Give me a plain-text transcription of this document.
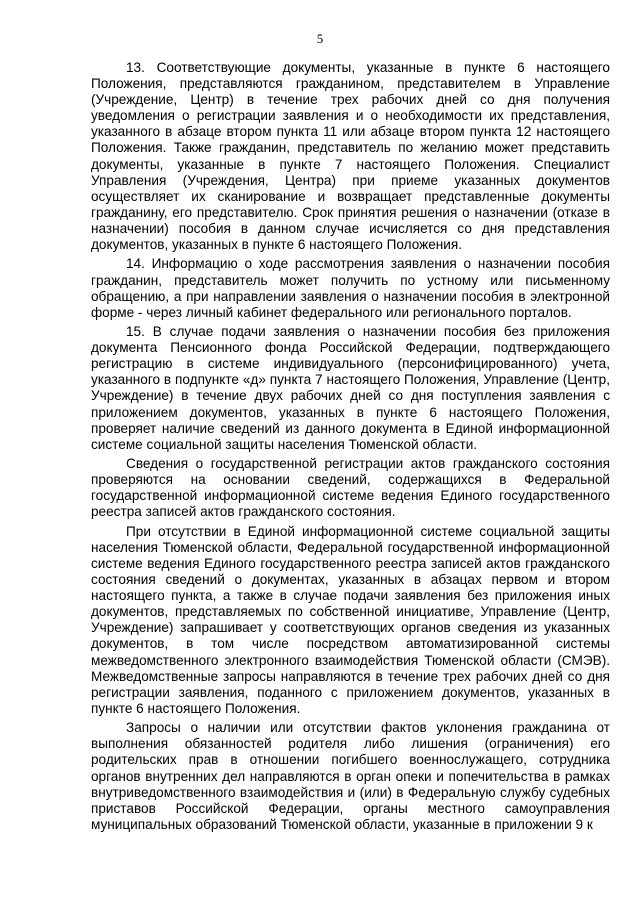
5

13. Соответствующие документы, указанные в пункте 6 настоящего Положения, представляются гражданином, представителем в Управление (Учреждение, Центр) в течение трех рабочих дней со дня получения уведомления о регистрации заявления и о необходимости их представления, указанного в абзаце втором пункта 11 или абзаце втором пункта 12 настоящего Положения. Также гражданин, представитель по желанию может представить документы, указанные в пункте 7 настоящего Положения. Специалист Управления (Учреждения, Центра) при приеме указанных документов осуществляет их сканирование и возвращает представленные документы гражданину, его представителю. Срок принятия решения о назначении (отказе в назначении) пособия в данном случае исчисляется со дня представления документов, указанных в пункте 6 настоящего Положения.

14. Информацию о ходе рассмотрения заявления о назначении пособия гражданин, представитель может получить по устному или письменному обращению, а при направлении заявления о назначении пособия в электронной форме - через личный кабинет федерального или регионального порталов.

15. В случае подачи заявления о назначении пособия без приложения документа Пенсионного фонда Российской Федерации, подтверждающего регистрацию в системе индивидуального (персонифицированного) учета, указанного в подпункте «д» пункта 7 настоящего Положения, Управление (Центр, Учреждение) в течение двух рабочих дней со дня поступления заявления с приложением документов, указанных в пункте 6 настоящего Положения, проверяет наличие сведений из данного документа в Единой информационной системе социальной защиты населения Тюменской области.

Сведения о государственной регистрации актов гражданского состояния проверяются на основании сведений, содержащихся в Федеральной государственной информационной системе ведения Единого государственного реестра записей актов гражданского состояния.

При отсутствии в Единой информационной системе социальной защиты населения Тюменской области, Федеральной государственной информационной системе ведения Единого государственного реестра записей актов гражданского состояния сведений о документах, указанных в абзацах первом и втором настоящего пункта, а также в случае подачи заявления без приложения иных документов, представляемых по собственной инициативе, Управление (Центр, Учреждение) запрашивает у соответствующих органов сведения из указанных документов, в том числе посредством автоматизированной системы межведомственного электронного взаимодействия Тюменской области (СМЭВ). Межведомственные запросы направляются в течение трех рабочих дней со дня регистрации заявления, поданного с приложением документов, указанных в пункте 6 настоящего Положения.

Запросы о наличии или отсутствии фактов уклонения гражданина от выполнения обязанностей родителя либо лишения (ограничения) его родительских прав в отношении погибшего военнослужащего, сотрудника органов внутренних дел направляются в орган опеки и попечительства в рамках внутриведомственного взаимодействия и (или) в Федеральную службу судебных приставов Российской Федерации, органы местного самоуправления муниципальных образований Тюменской области, указанные в приложении 9 к
